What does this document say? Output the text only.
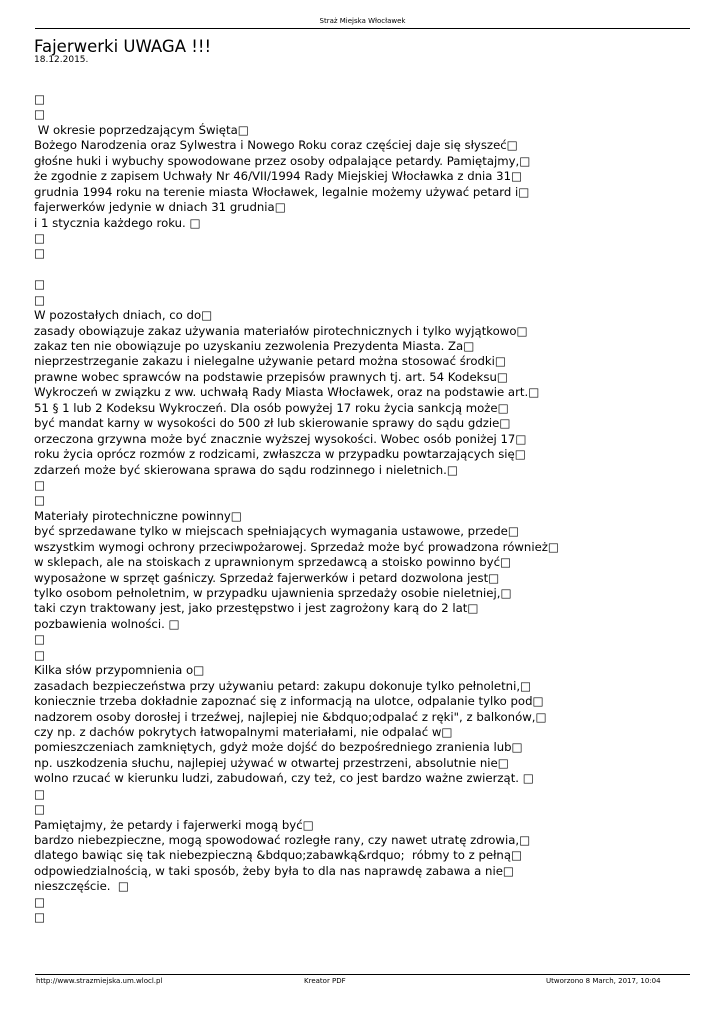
Straż Miejska Włocławek
Fajerwerki UWAGA !!!
18.12.2015.
□
□
W okresie poprzedzającym Święta□
Bożego Narodzenia oraz Sylwestra i Nowego Roku coraz częściej daje się słyszeć□
głośne huki i wybuchy spowodowane przez osoby odpalające petardy. Pamiętajmy,□
że zgodnie z zapisem Uchwały Nr 46/VII/1994 Rady Miejskiej Włocławka z dnia 31□
grudnia 1994 roku na terenie miasta Włocławek, legalnie możemy używać petard i□
fajerwerków jedynie w dniach 31 grudnia□
i 1 stycznia każdego roku. □
□
□
□
□
W pozostałych dniach, co do□
zasady obowiązuje zakaz używania materiałów pirotechnicznych i tylko wyjątkowo□
zakaz ten nie obowiązuje po uzyskaniu zezwolenia Prezydenta Miasta. Za□
nieprzestrzeganie zakazu i nielegalne używanie petard można stosować środki□
prawne wobec sprawców na podstawie przepisów prawnych tj. art. 54 Kodeksu□
Wykroczeń w związku z ww. uchwałą Rady Miasta Włocławek, oraz na podstawie art.□
51 § 1 lub 2 Kodeksu Wykroczeń. Dla osób powyżej 17 roku życia sankcją może□
być mandat karny w wysokości do 500 zł lub skierowanie sprawy do sądu gdzie□
orzeczona grzywna może być znacznie wyższej wysokości. Wobec osób poniżej 17□
roku życia oprócz rozmów z rodzicami, zwłaszcza w przypadku powtarzających się□
zdarzeń może być skierowana sprawa do sądu rodzinnego i nieletnich.□
□
□
Materiały pirotechniczne powinny□
być sprzedawane tylko w miejscach spełniających wymagania ustawowe, przede□
wszystkim wymogi ochrony przeciwpożarowej. Sprzedaż może być prowadzona również□
w sklepach, ale na stoiskach z uprawnionym sprzedawcą a stoisko powinno być□
wyposażone w sprzęt gaśniczy. Sprzedaż fajerwerków i petard dozwolona jest□
tylko osobom pełnoletnim, w przypadku ujawnienia sprzedaży osobie nieletniej,□
taki czyn traktowany jest, jako przestępstwo i jest zagrożony karą do 2 lat□
pozbawienia wolności. □
□
□
Kilka słów przypomnienia o□
zasadach bezpieczeństwa przy używaniu petard: zakupu dokonuje tylko pełnoletni,□
koniecznie trzeba dokładnie zapoznać się z informacją na ulotce, odpalanie tylko pod□
nadzorem osoby dorosłej i trzeźwej, najlepiej nie &bdquo;odpalać z ręki", z balkonów,□
czy np. z dachów pokrytych łatwopalnymi materiałami, nie odpalać w□
pomieszczeniach zamkniętych, gdyż może dojść do bezpośredniego zranienia lub□
np. uszkodzenia słuchu, najlepiej używać w otwartej przestrzeni, absolutnie nie□
wolno rzucać w kierunku ludzi, zabudowań, czy też, co jest bardzo ważne zwierząt. □
□
□
Pamiętajmy, że petardy i fajerwerki mogą być□
bardzo niebezpieczne, mogą spowodować rozległe rany, czy nawet utratę zdrowia,□
dlatego bawiąc się tak niebezpieczną &bdquo;zabawką&rdquo;  róbmy to z pełną□
odpowiedzialnością, w taki sposób, żeby była to dla nas naprawdę zabawa a nie□
nieszczęście.  □
□
□
http://www.strazmiejska.um.wlocl.pl	Kreator PDF	Utworzono 8 March, 2017, 10:04
